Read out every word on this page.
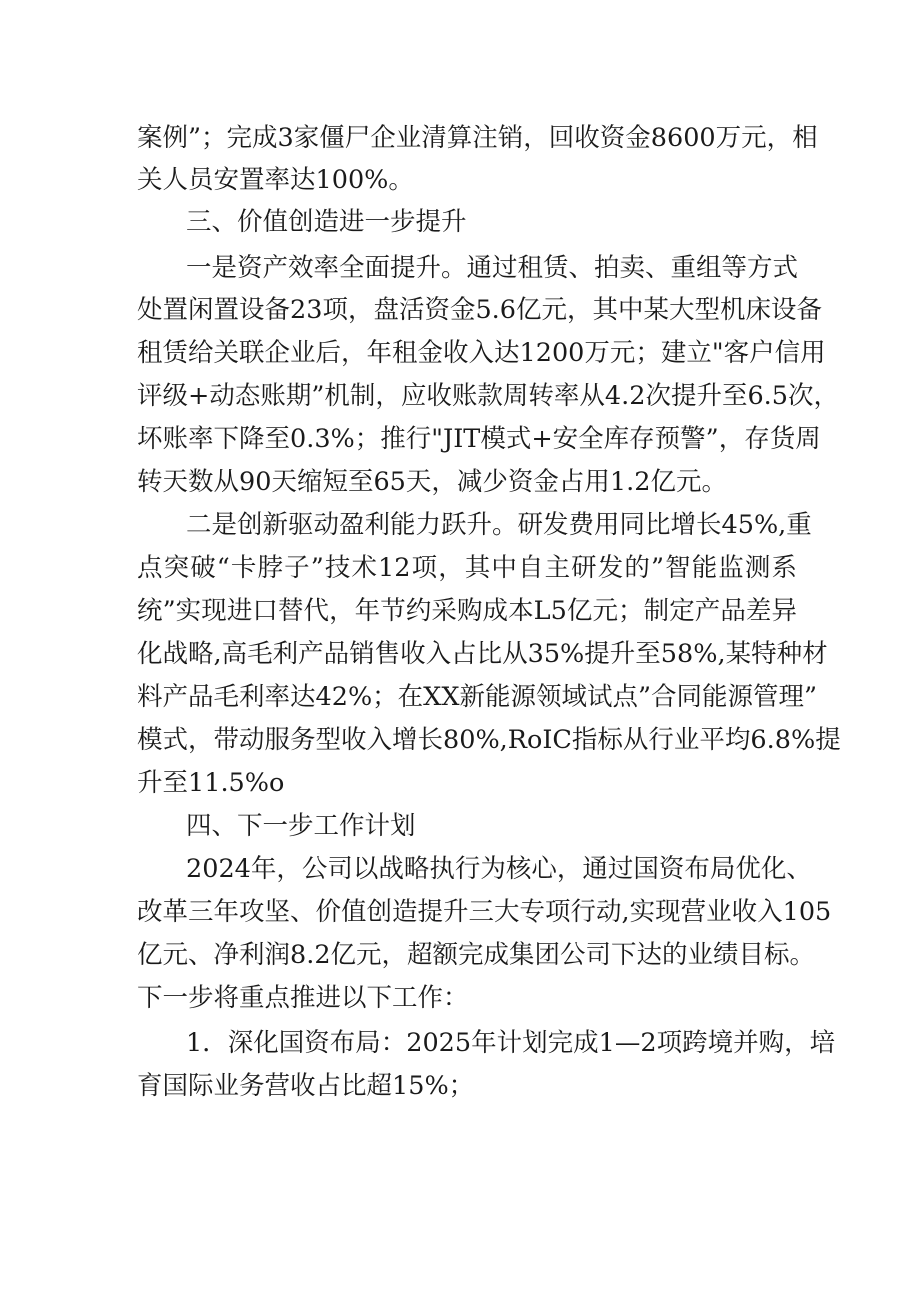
案例”；完成3家僵尸企业清算注销，回收资金8600万元，相
关人员安置率达100%。
三、价值创造进一步提升
一是资产效率全面提升。通过租赁、拍卖、重组等方式
处置闲置设备23项，盘活资金5.6亿元，其中某大型机床设备
租赁给关联企业后，年租金收入达1200万元；建立"客户信用
评级+动态账期”机制，应收账款周转率从4.2次提升至6.5次，
坏账率下降至0.3%；推行"JIT模式+安全库存预警”，存货周
转天数从90天缩短至65天，减少资金占用1.2亿元。
二是创新驱动盈利能力跃升。研发费用同比增长45%,重
点突破“卡脖子”技术12项，其中自主研发的”智能监测系
统”实现进口替代，年节约采购成本L5亿元；制定产品差异
化战略,高毛利产品销售收入占比从35%提升至58%,某特种材
料产品毛利率达42%；在XX新能源领域试点”合同能源管理”
模式，带动服务型收入增长80%,RoIC指标从行业平均6.8%提
升至11.5%o
四、下一步工作计划
2024年，公司以战略执行为核心，通过国资布局优化、
改革三年攻坚、价值创造提升三大专项行动,实现营业收入105
亿元、净利润8.2亿元，超额完成集团公司下达的业绩目标。
下一步将重点推进以下工作：
1．深化国资布局：2025年计划完成1—2项跨境并购，培
育国际业务营收占比超15%；
